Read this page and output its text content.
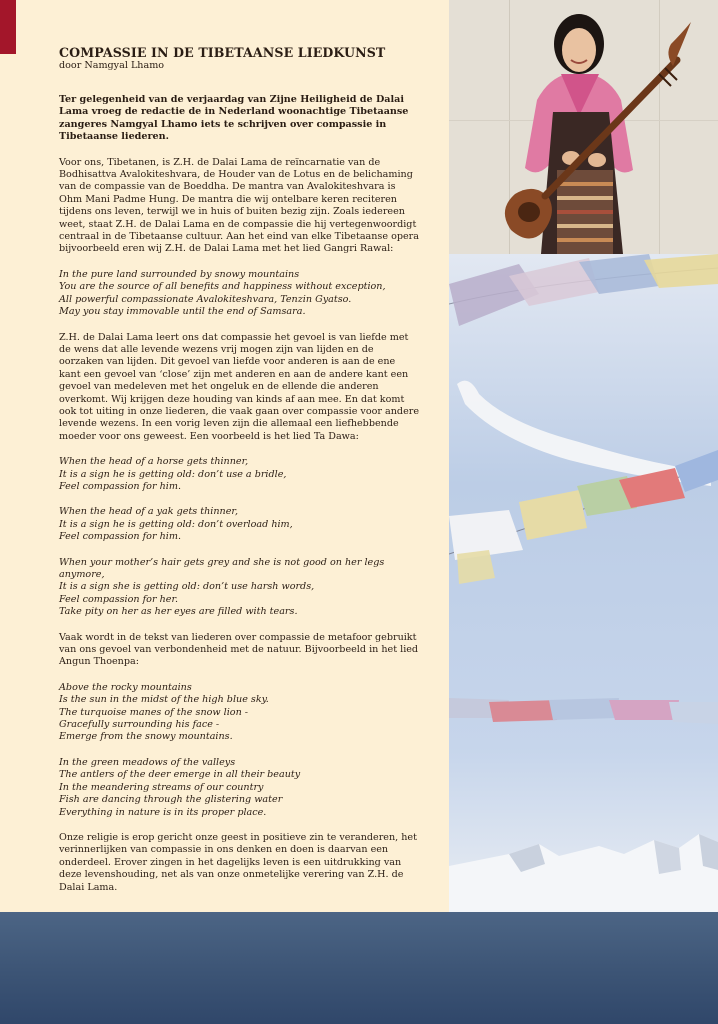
COMPASSIE IN DE TIBETAANSE LIEDKUNST
door Namgyal Lhamo

Ter gelegenheid van de verjaardag van Zijne Heiligheid de Dalai Lama vroeg de redactie de in Nederland woonachtige Tibetaanse zangeres Namgyal Lhamo iets te schrijven over compassie in Tibetaanse liederen.

Voor ons, Tibetanen, is Z.H. de Dalai Lama de reïncarnatie van de Bodhisattva Avalokiteshvara, de Houder van de Lotus en de belichaming van de compassie van de Boeddha. De mantra van Avalokiteshvara is Ohm Mani Padme Hung. De mantra die wij ontelbare keren reciteren tijdens ons leven, terwijl we in huis of buiten bezig zijn. Zoals iedereen weet, staat Z.H. de Dalai Lama en de compassie die hij vertegenwoordigt centraal in de Tibetaanse cultuur. Aan het eind van elke Tibetaanse opera bijvoorbeeld eren wij Z.H. de Dalai Lama met het lied Gangri Rawal:

In the pure land surrounded by snowy mountains
You are the source of all benefits and happiness without exception,
All powerful compassionate Avalokiteshvara, Tenzin Gyatso.
May you stay immovable until the end of Samsara.

Z.H. de Dalai Lama leert ons dat compassie het gevoel is van liefde met de wens dat alle levende wezens vrij mogen zijn van lijden en de oorzaken van lijden. Dit gevoel van liefde voor anderen is aan de ene kant een gevoel van ‘close’ zijn met anderen en aan de andere kant een gevoel van medeleven met het ongeluk en de ellende die anderen overkomt. Wij krijgen deze houding van kinds af aan mee. En dat komt ook tot uiting in onze liederen, die vaak gaan over compassie voor andere levende wezens. In een vorig leven zijn die allemaal een liefhebbende moeder voor ons geweest. Een voorbeeld is het lied Ta Dawa:

When the head of a horse gets thinner,
It is a sign he is getting old: don’t use a bridle,
Feel compassion for him.

When the head of a yak gets thinner,
It is a sign he is getting old: don’t overload him,
Feel compassion for him.

When your mother’s hair gets grey and she is not good on her legs anymore,
It is a sign she is getting old: don’t use harsh words,
Feel compassion for her.
Take pity on her as her eyes are filled with tears.

Vaak wordt in de tekst van liederen over compassie de metafoor gebruikt van ons gevoel van verbondenheid met de natuur. Bijvoorbeeld in het lied Angun Thoenpa:

Above the rocky mountains
Is the sun in the midst of the high blue sky.
The turquoise manes of the snow lion -
Gracefully surrounding his face -
Emerge from the snowy mountains.

In the green meadows of the valleys
The antlers of the deer emerge in all their beauty
In the meandering streams of our country
Fish are dancing through the glistering water
Everything in nature is in its proper place.

Onze religie is erop gericht onze geest in positieve zin te veranderen, het verinnerlijken van compassie in ons denken en doen is daarvan een onderdeel. Erover zingen in het dagelijks leven is een uitdrukking van deze levenshouding, net als van onze onmetelijke verering van Z.H. de Dalai Lama.
